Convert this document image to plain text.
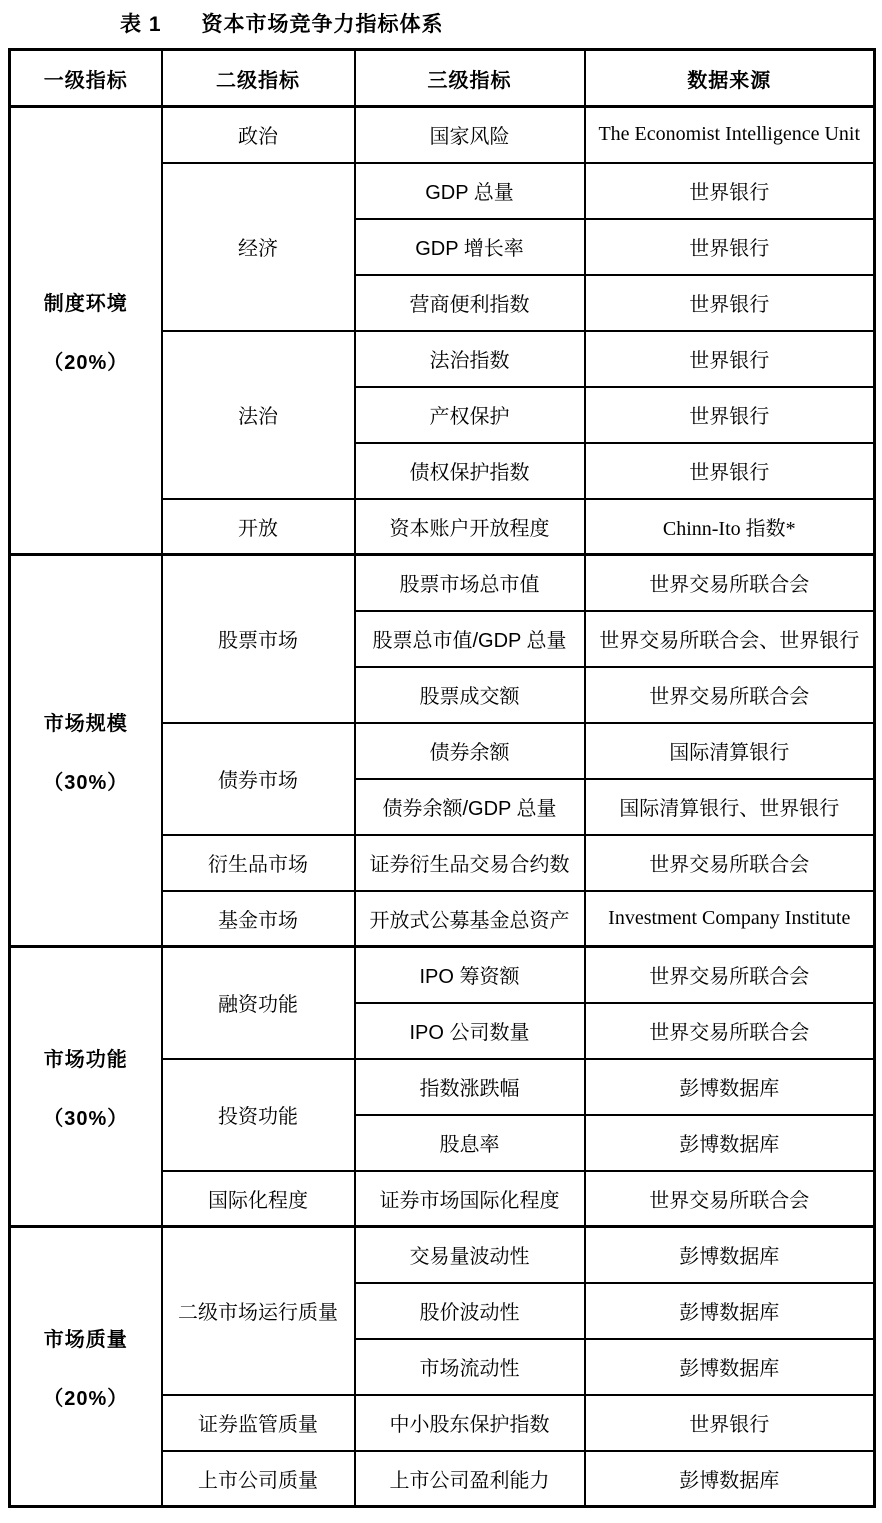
表 1 资本市场竞争力指标体系
一级指标	二级指标	三级指标	数据来源

制度环境
（20%）	政治	国家风险	The Economist Intelligence Unit
	经济	GDP 总量	世界银行
		GDP 增长率	世界银行
		营商便利指数	世界银行
	法治	法治指数	世界银行
		产权保护	世界银行
		债权保护指数	世界银行
	开放	资本账户开放程度	Chinn-Ito 指数*

市场规模
（30%）	股票市场	股票市场总市值	世界交易所联合会
		股票总市值/GDP 总量	世界交易所联合会、世界银行
		股票成交额	世界交易所联合会
	债券市场	债券余额	国际清算银行
		债券余额/GDP 总量	国际清算银行、世界银行
	衍生品市场	证券衍生品交易合约数	世界交易所联合会
	基金市场	开放式公募基金总资产	Investment Company Institute

市场功能
（30%）	融资功能	IPO 筹资额	世界交易所联合会
		IPO 公司数量	世界交易所联合会
	投资功能	指数涨跌幅	彭博数据库
		股息率	彭博数据库
	国际化程度	证券市场国际化程度	世界交易所联合会

市场质量
（20%）	二级市场运行质量	交易量波动性	彭博数据库
		股价波动性	彭博数据库
		市场流动性	彭博数据库
	证券监管质量	中小股东保护指数	世界银行
	上市公司质量	上市公司盈利能力	彭博数据库
